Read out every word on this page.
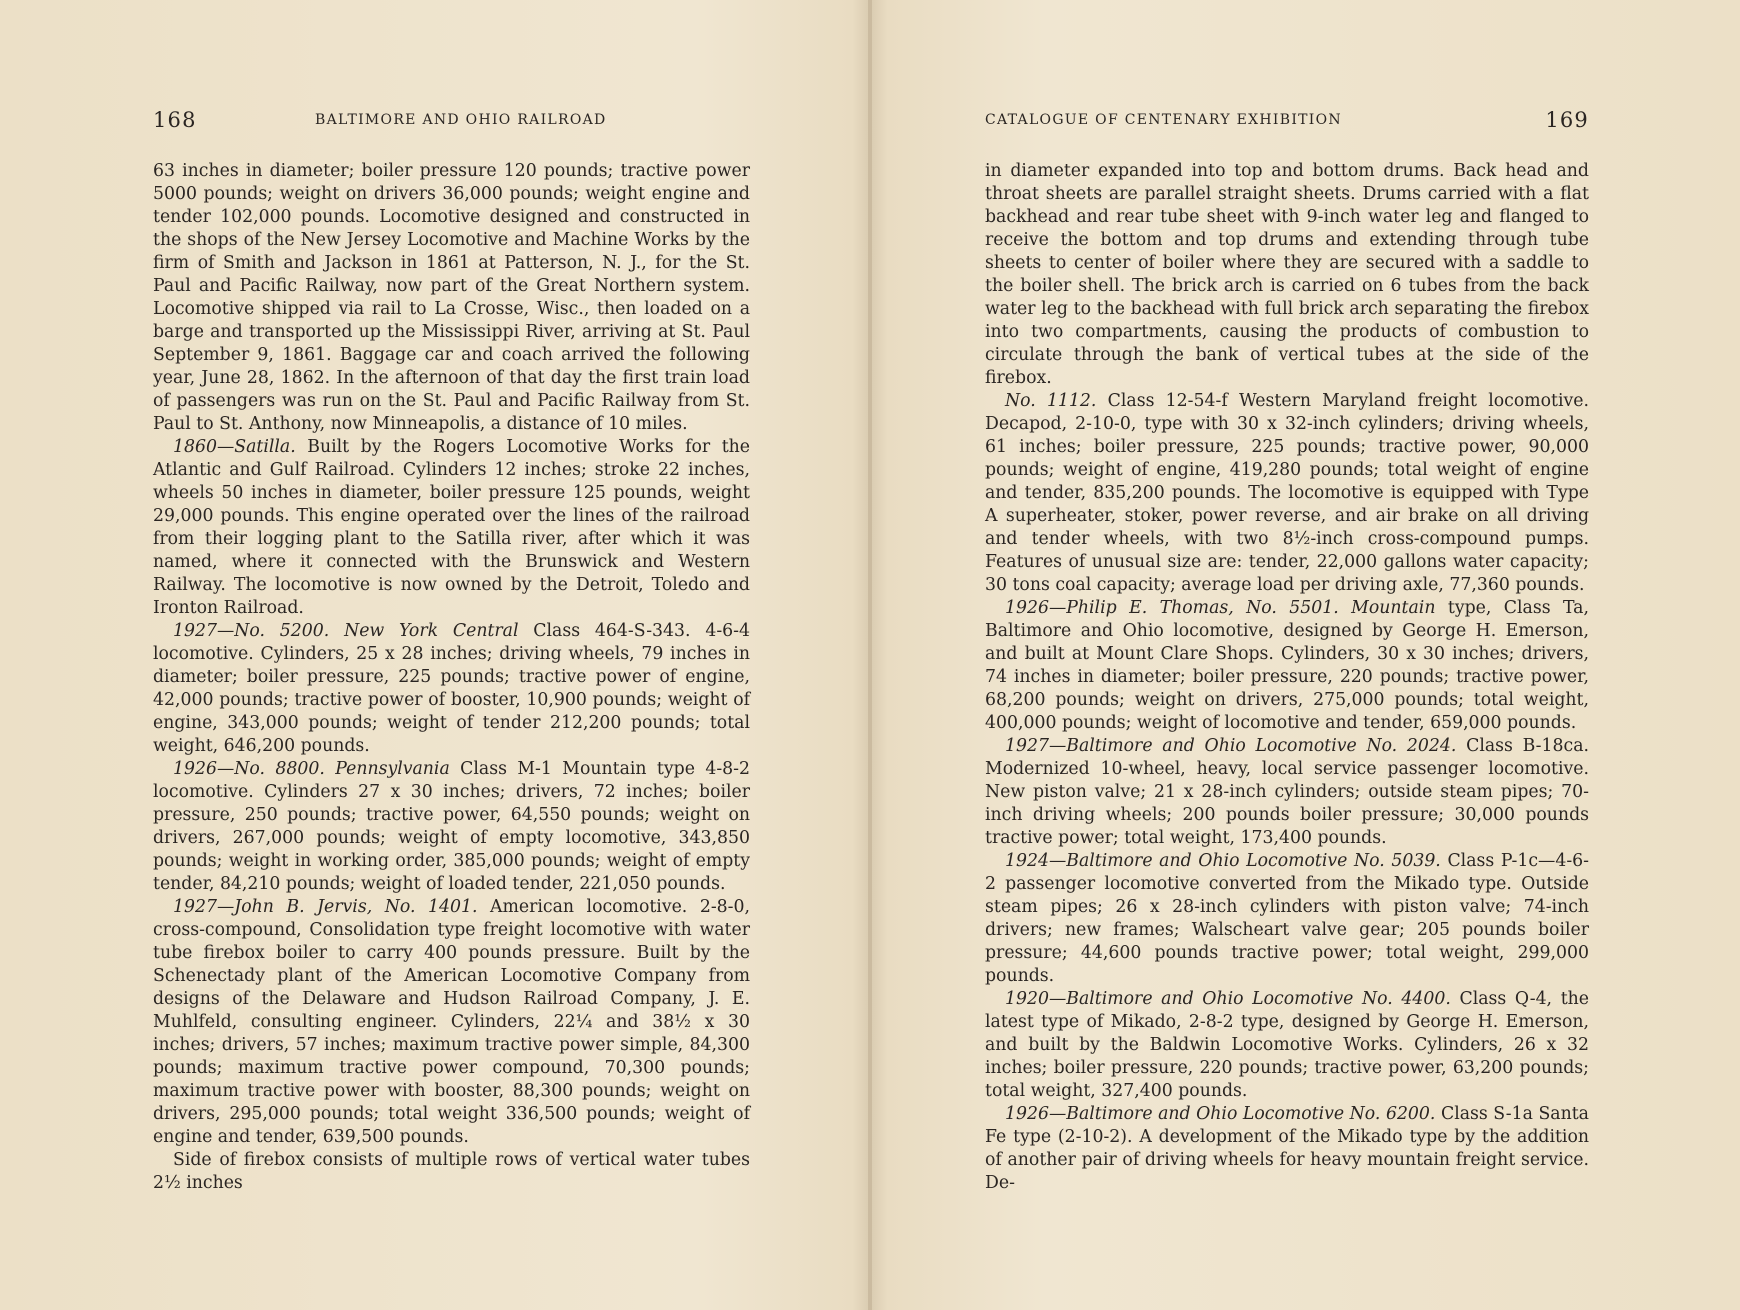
168	BALTIMORE AND OHIO RAILROAD

63 inches in diameter; boiler pressure 120 pounds; tractive power 5000 pounds; weight on drivers 36,000 pounds; weight engine and tender 102,000 pounds. Locomotive designed and constructed in the shops of the New Jersey Locomotive and Machine Works by the firm of Smith and Jackson in 1861 at Patterson, N. J., for the St. Paul and Pacific Railway, now part of the Great Northern system. Locomotive shipped via rail to La Crosse, Wisc., then loaded on a barge and transported up the Mississippi River, arriving at St. Paul September 9, 1861. Baggage car and coach arrived the following year, June 28, 1862. In the afternoon of that day the first train load of passengers was run on the St. Paul and Pacific Railway from St. Paul to St. Anthony, now Minneapolis, a distance of 10 miles.

1860—Satilla. Built by the Rogers Locomotive Works for the Atlantic and Gulf Railroad. Cylinders 12 inches; stroke 22 inches, wheels 50 inches in diameter, boiler pressure 125 pounds, weight 29,000 pounds. This engine operated over the lines of the railroad from their logging plant to the Satilla river, after which it was named, where it connected with the Brunswick and Western Railway. The locomotive is now owned by the Detroit, Toledo and Ironton Railroad.

1927—No. 5200. New York Central Class 464-S-343. 4-6-4 locomotive. Cylinders, 25 x 28 inches; driving wheels, 79 inches in diameter; boiler pressure, 225 pounds; tractive power of engine, 42,000 pounds; tractive power of booster, 10,900 pounds; weight of engine, 343,000 pounds; weight of tender 212,200 pounds; total weight, 646,200 pounds.

1926—No. 8800. Pennsylvania Class M-1 Mountain type 4-8-2 locomotive. Cylinders 27 x 30 inches; drivers, 72 inches; boiler pressure, 250 pounds; tractive power, 64,550 pounds; weight on drivers, 267,000 pounds; weight of empty locomotive, 343,850 pounds; weight in working order, 385,000 pounds; weight of empty tender, 84,210 pounds; weight of loaded tender, 221,050 pounds.

1927—John B. Jervis, No. 1401. American locomotive. 2-8-0, cross-compound, Consolidation type freight locomotive with water tube firebox boiler to carry 400 pounds pressure. Built by the Schenectady plant of the American Locomotive Company from designs of the Delaware and Hudson Railroad Company, J. E. Muhlfeld, consulting engineer. Cylinders, 22¼ and 38½ x 30 inches; drivers, 57 inches; maximum tractive power simple, 84,300 pounds; maximum tractive power compound, 70,300 pounds; maximum tractive power with booster, 88,300 pounds; weight on drivers, 295,000 pounds; total weight 336,500 pounds; weight of engine and tender, 639,500 pounds.

Side of firebox consists of multiple rows of vertical water tubes 2½ inches

CATALOGUE OF CENTENARY EXHIBITION	169

in diameter expanded into top and bottom drums. Back head and throat sheets are parallel straight sheets. Drums carried with a flat backhead and rear tube sheet with 9-inch water leg and flanged to receive the bottom and top drums and extending through tube sheets to center of boiler where they are secured with a saddle to the boiler shell. The brick arch is carried on 6 tubes from the back water leg to the backhead with full brick arch separating the firebox into two compartments, causing the products of combustion to circulate through the bank of vertical tubes at the side of the firebox.

No. 1112. Class 12-54-f Western Maryland freight locomotive. Decapod, 2-10-0, type with 30 x 32-inch cylinders; driving wheels, 61 inches; boiler pressure, 225 pounds; tractive power, 90,000 pounds; weight of engine, 419,280 pounds; total weight of engine and tender, 835,200 pounds. The locomotive is equipped with Type A superheater, stoker, power reverse, and air brake on all driving and tender wheels, with two 8½-inch cross-compound pumps. Features of unusual size are: tender, 22,000 gallons water capacity; 30 tons coal capacity; average load per driving axle, 77,360 pounds.

1926—Philip E. Thomas, No. 5501. Mountain type, Class Ta, Baltimore and Ohio locomotive, designed by George H. Emerson, and built at Mount Clare Shops. Cylinders, 30 x 30 inches; drivers, 74 inches in diameter; boiler pressure, 220 pounds; tractive power, 68,200 pounds; weight on drivers, 275,000 pounds; total weight, 400,000 pounds; weight of locomotive and tender, 659,000 pounds.

1927—Baltimore and Ohio Locomotive No. 2024. Class B-18ca. Modernized 10-wheel, heavy, local service passenger locomotive. New piston valve; 21 x 28-inch cylinders; outside steam pipes; 70-inch driving wheels; 200 pounds boiler pressure; 30,000 pounds tractive power; total weight, 173,400 pounds.

1924—Baltimore and Ohio Locomotive No. 5039. Class P-1c—4-6-2 passenger locomotive converted from the Mikado type. Outside steam pipes; 26 x 28-inch cylinders with piston valve; 74-inch drivers; new frames; Walscheart valve gear; 205 pounds boiler pressure; 44,600 pounds tractive power; total weight, 299,000 pounds.

1920—Baltimore and Ohio Locomotive No. 4400. Class Q-4, the latest type of Mikado, 2-8-2 type, designed by George H. Emerson, and built by the Baldwin Locomotive Works. Cylinders, 26 x 32 inches; boiler pressure, 220 pounds; tractive power, 63,200 pounds; total weight, 327,400 pounds.

1926—Baltimore and Ohio Locomotive No. 6200. Class S-1a Santa Fe type (2-10-2). A development of the Mikado type by the addition of another pair of driving wheels for heavy mountain freight service. De-
